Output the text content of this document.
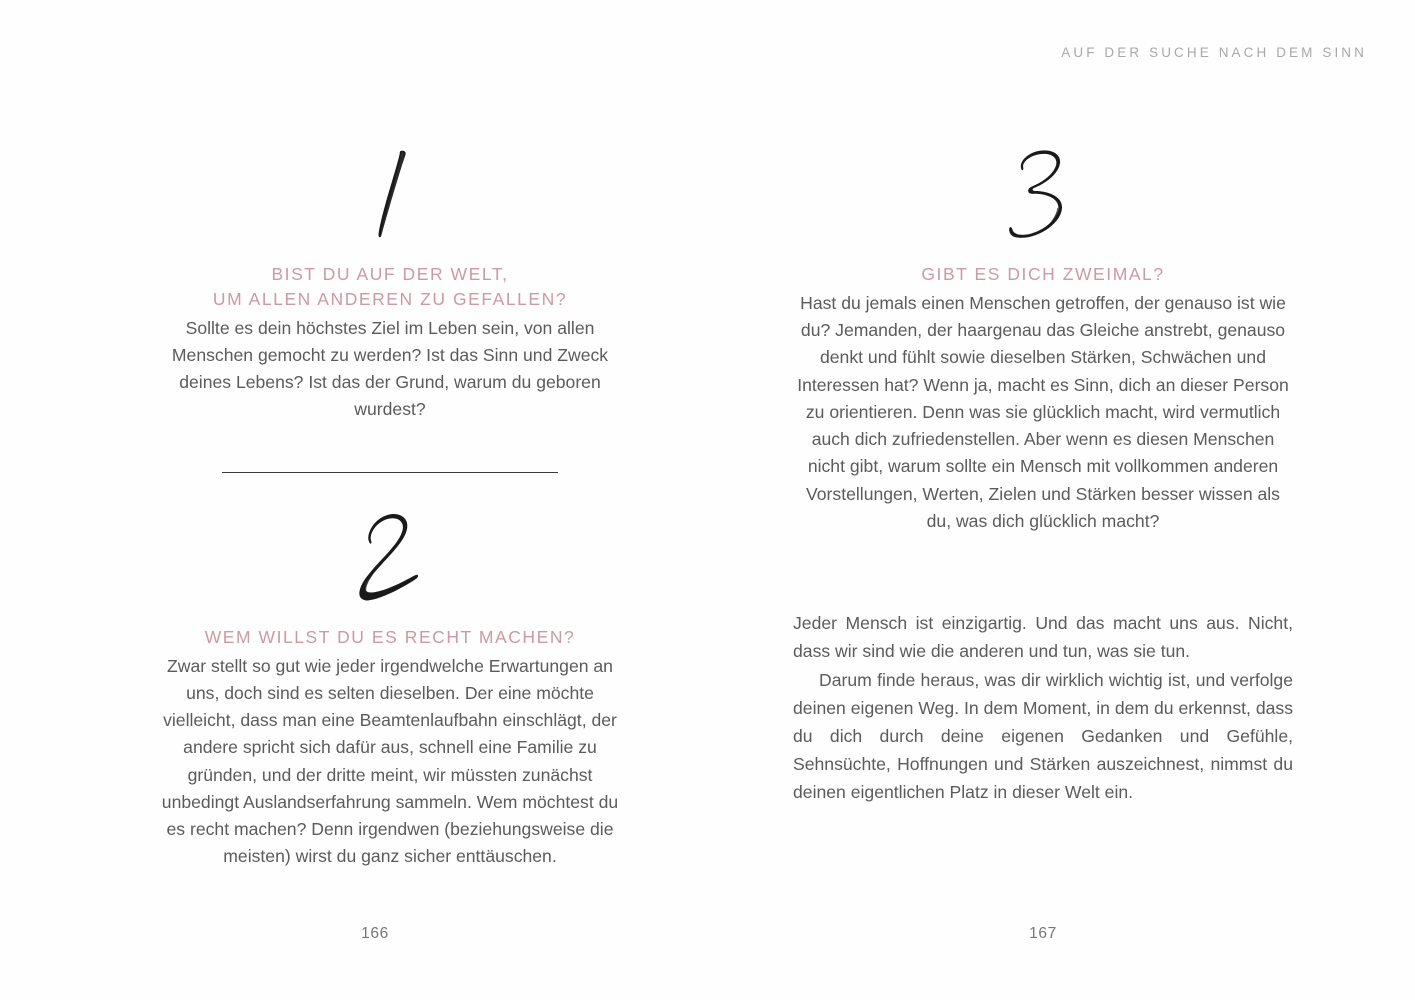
AUF DER SUCHE NACH DEM SINN
BIST DU AUF DER WELT,
UM ALLEN ANDEREN ZU GEFALLEN?

Sollte es dein höchstes Ziel im Leben sein, von allen Menschen gemocht zu werden? Ist das Sinn und Zweck deines Lebens? Ist das der Grund, warum du geboren wurdest?

WEM WILLST DU ES RECHT MACHEN?

Zwar stellt so gut wie jeder irgendwelche Erwartungen an uns, doch sind es selten dieselben. Der eine möchte vielleicht, dass man eine Beamtenlaufbahn einschlägt, der andere spricht sich dafür aus, schnell eine Familie zu gründen, und der dritte meint, wir müssten zunächst unbedingt Auslandserfahrung sammeln. Wem möchtest du es recht machen? Denn irgendwen (beziehungsweise die meisten) wirst du ganz sicher enttäuschen.

GIBT ES DICH ZWEIMAL?

Hast du jemals einen Menschen getroffen, der genauso ist wie du? Jemanden, der haargenau das Gleiche anstrebt, genauso denkt und fühlt sowie dieselben Stärken, Schwächen und Interessen hat? Wenn ja, macht es Sinn, dich an dieser Person zu orientieren. Denn was sie glücklich macht, wird vermutlich auch dich zufriedenstellen. Aber wenn es diesen Menschen nicht gibt, warum sollte ein Mensch mit vollkommen anderen Vorstellungen, Werten, Zielen und Stärken besser wissen als du, was dich glücklich macht?

Jeder Mensch ist einzigartig. Und das macht uns aus. Nicht, dass wir sind wie die anderen und tun, was sie tun.

Darum finde heraus, was dir wirklich wichtig ist, und verfolge deinen eigenen Weg. In dem Moment, in dem du erkennst, dass du dich durch deine eigenen Gedanken und Gefühle, Sehnsüchte, Hoffnungen und Stärken auszeichnest, nimmst du deinen eigentlichen Platz in dieser Welt ein.

166	167
